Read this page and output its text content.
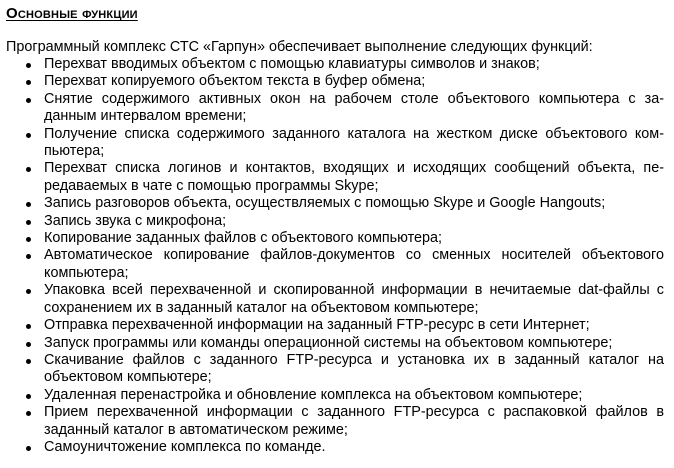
Основные функции

Программный комплекс СТС «Гарпун» обеспечивает выполнение следующих функций:

Перехват вводимых объектом с помощью клавиатуры символов и знаков;
Перехват копируемого объектом текста в буфер обмена;
Снятие содержимого активных окон на рабочем столе объектового компьютера с за-данным интервалом времени;
Получение списка содержимого заданного каталога на жестком диске объектового ком-пьютера;
Перехват списка логинов и контактов, входящих и исходящих сообщений объекта, пе-редаваемых в чате с помощью программы Skype;
Запись разговоров объекта, осуществляемых с помощью Skype и Google Hangouts;
Запись звука с микрофона;
Копирование заданных файлов с объектового компьютера;
Автоматическое копирование файлов-документов со сменных носителей объектового компьютера;
Упаковка всей перехваченной и скопированной информации в нечитаемые dat-файлы с сохранением их в заданный каталог на объектовом компьютере;
Отправка перехваченной информации на заданный FTP-ресурс в сети Интернет;
Запуск программы или команды операционной системы на объектовом компьютере;
Скачивание файлов с заданного FTP-ресурса и установка их в заданный каталог на объектовом компьютере;
Удаленная перенастройка и обновление комплекса на объектовом компьютере;
Прием перехваченной информации с заданного FTP-ресурса с распаковкой файлов в заданный каталог в автоматическом режиме;
Самоуничтожение комплекса по команде.
